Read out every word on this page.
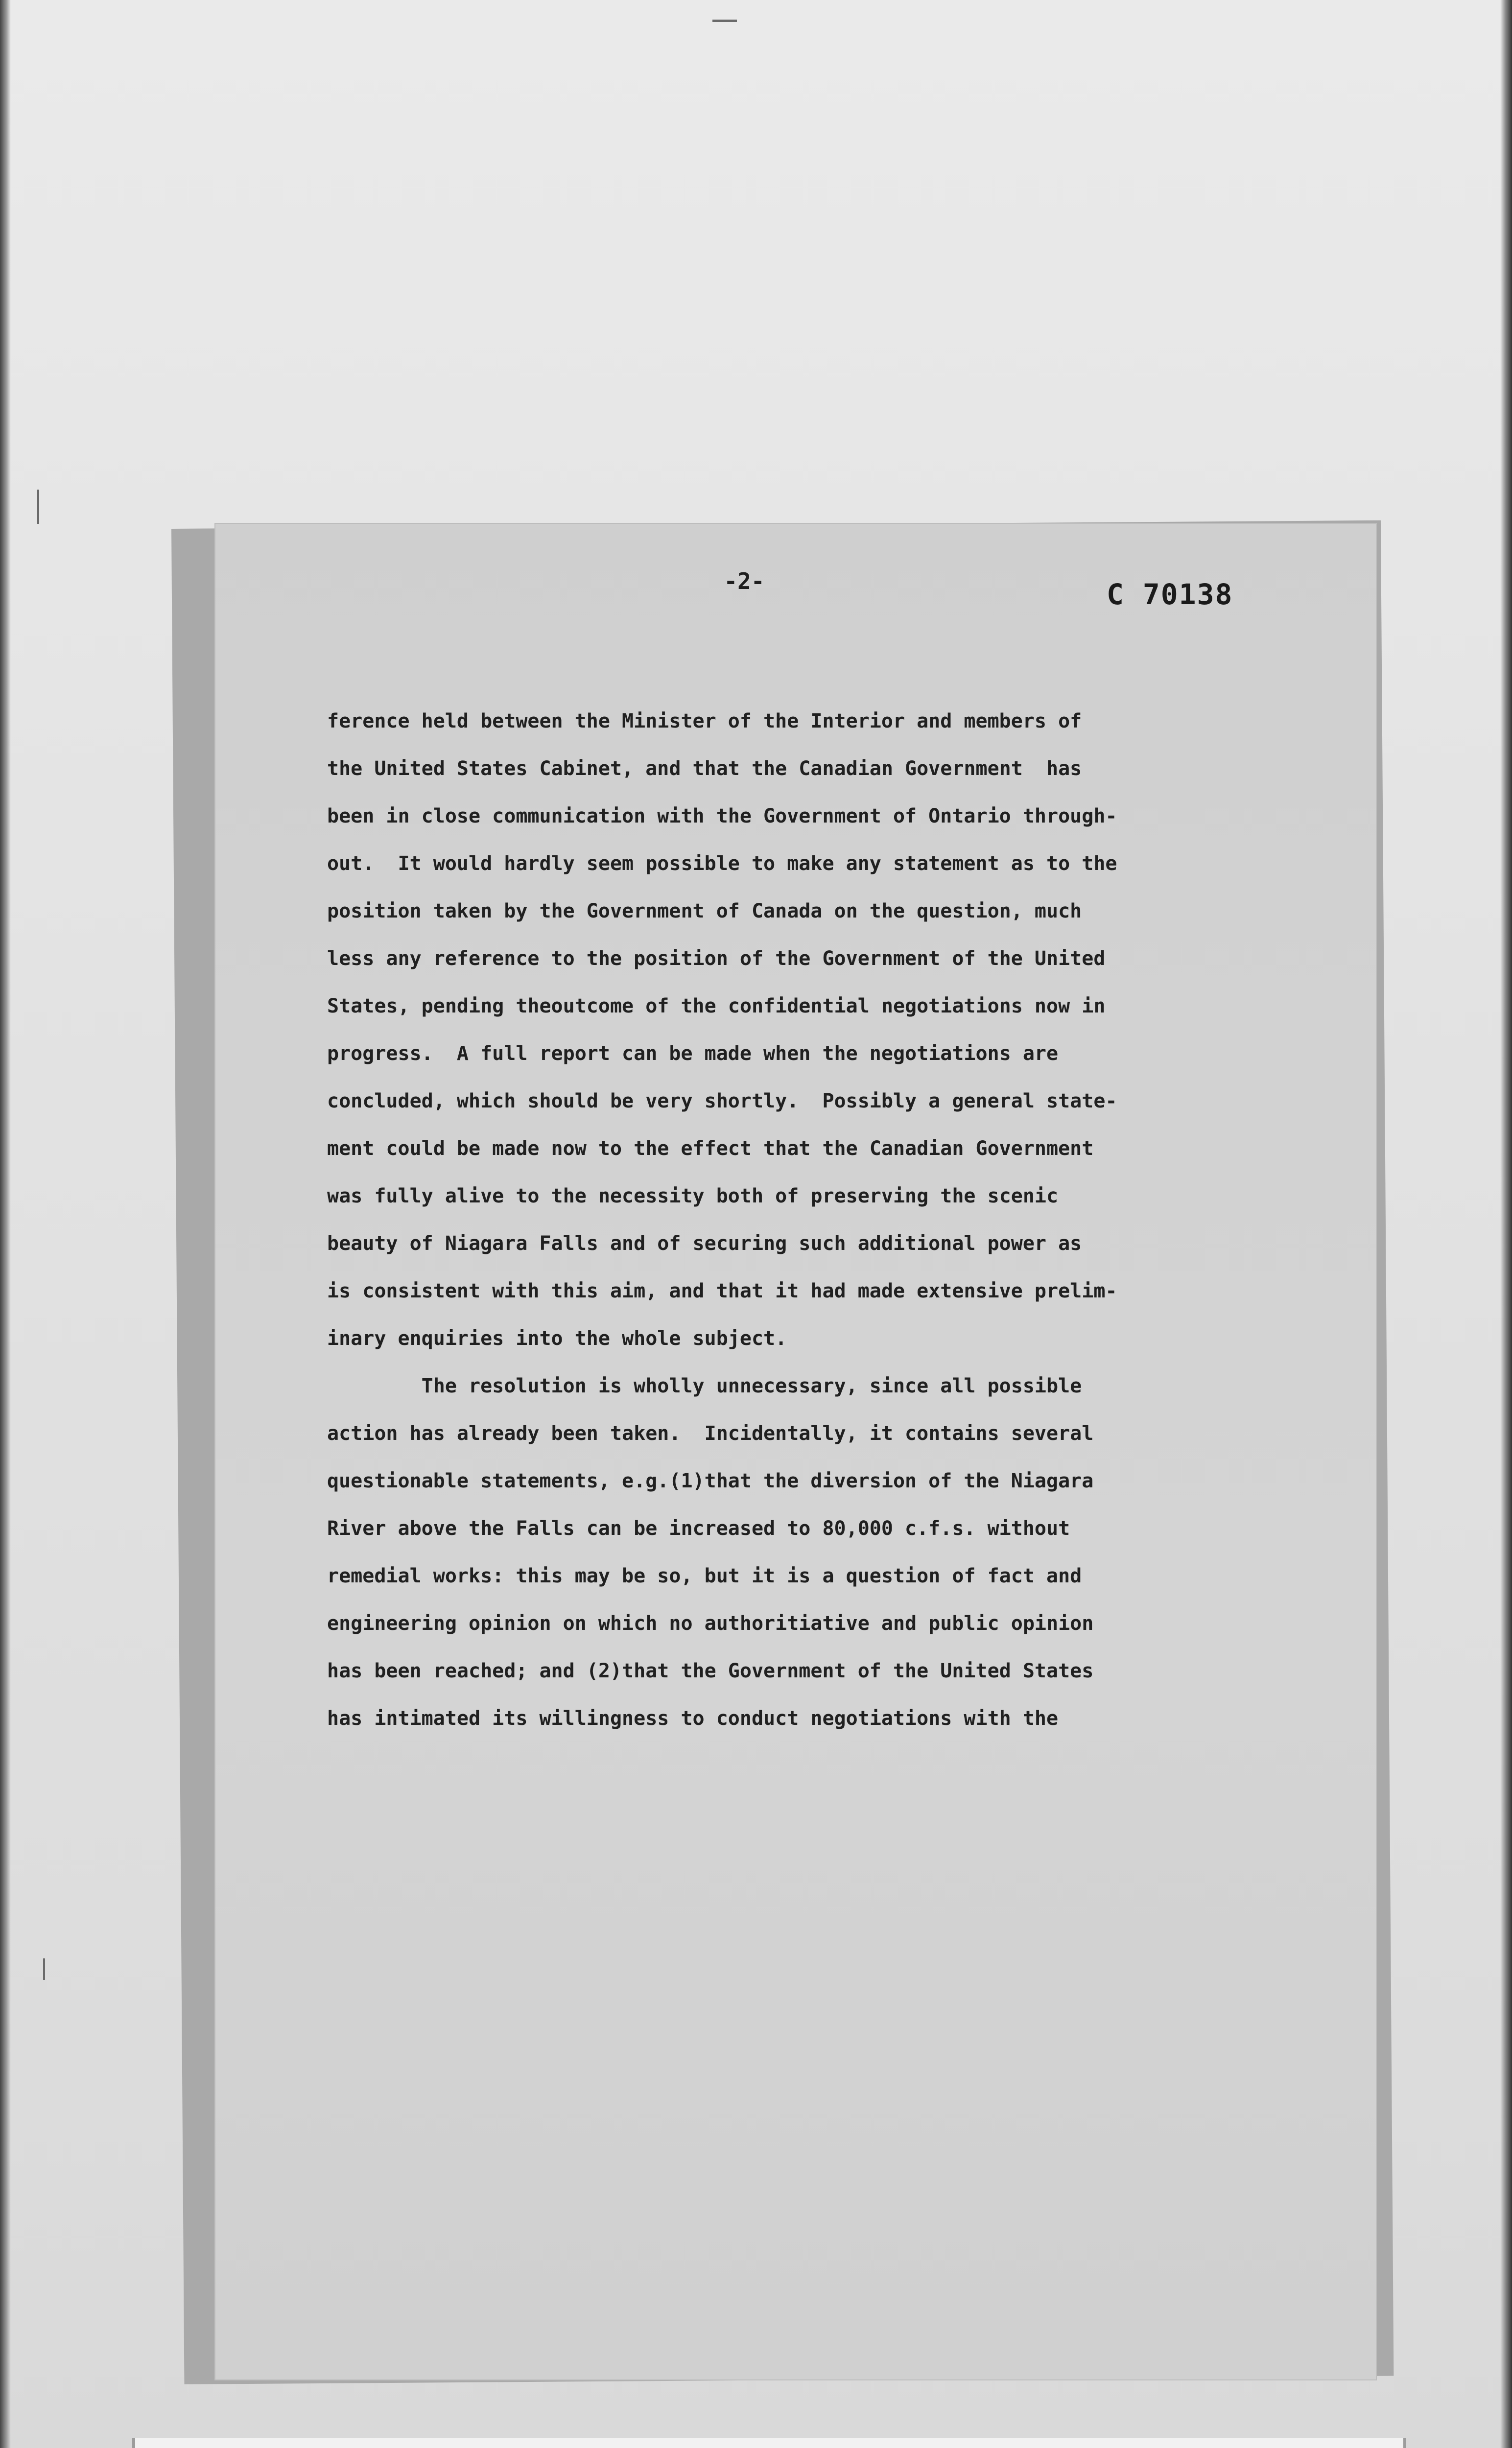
-2-	C 70138
ference held between the Minister of the Interior and members of
the United States Cabinet, and that the Canadian Government  has
been in close communication with the Government of Ontario through-
out.  It would hardly seem possible to make any statement as to the
position taken by the Government of Canada on the question, much
less any reference to the position of the Government of the United
States, pending theoutcome of the confidential negotiations now in
progress.  A full report can be made when the negotiations are
concluded, which should be very shortly.  Possibly a general state-
ment could be made now to the effect that the Canadian Government
was fully alive to the necessity both of preserving the scenic
beauty of Niagara Falls and of securing such additional power as
is consistent with this aim, and that it had made extensive prelim-
inary enquiries into the whole subject.
The resolution is wholly unnecessary, since all possible
action has already been taken.  Incidentally, it contains several
questionable statements, e.g.(1)that the diversion of the Niagara
River above the Falls can be increased to 80,000 c.f.s. without
remedial works: this may be so, but it is a question of fact and
engineering opinion on which no authoritiative and public opinion
has been reached; and (2)that the Government of the United States
has intimated its willingness to conduct negotiations with the
